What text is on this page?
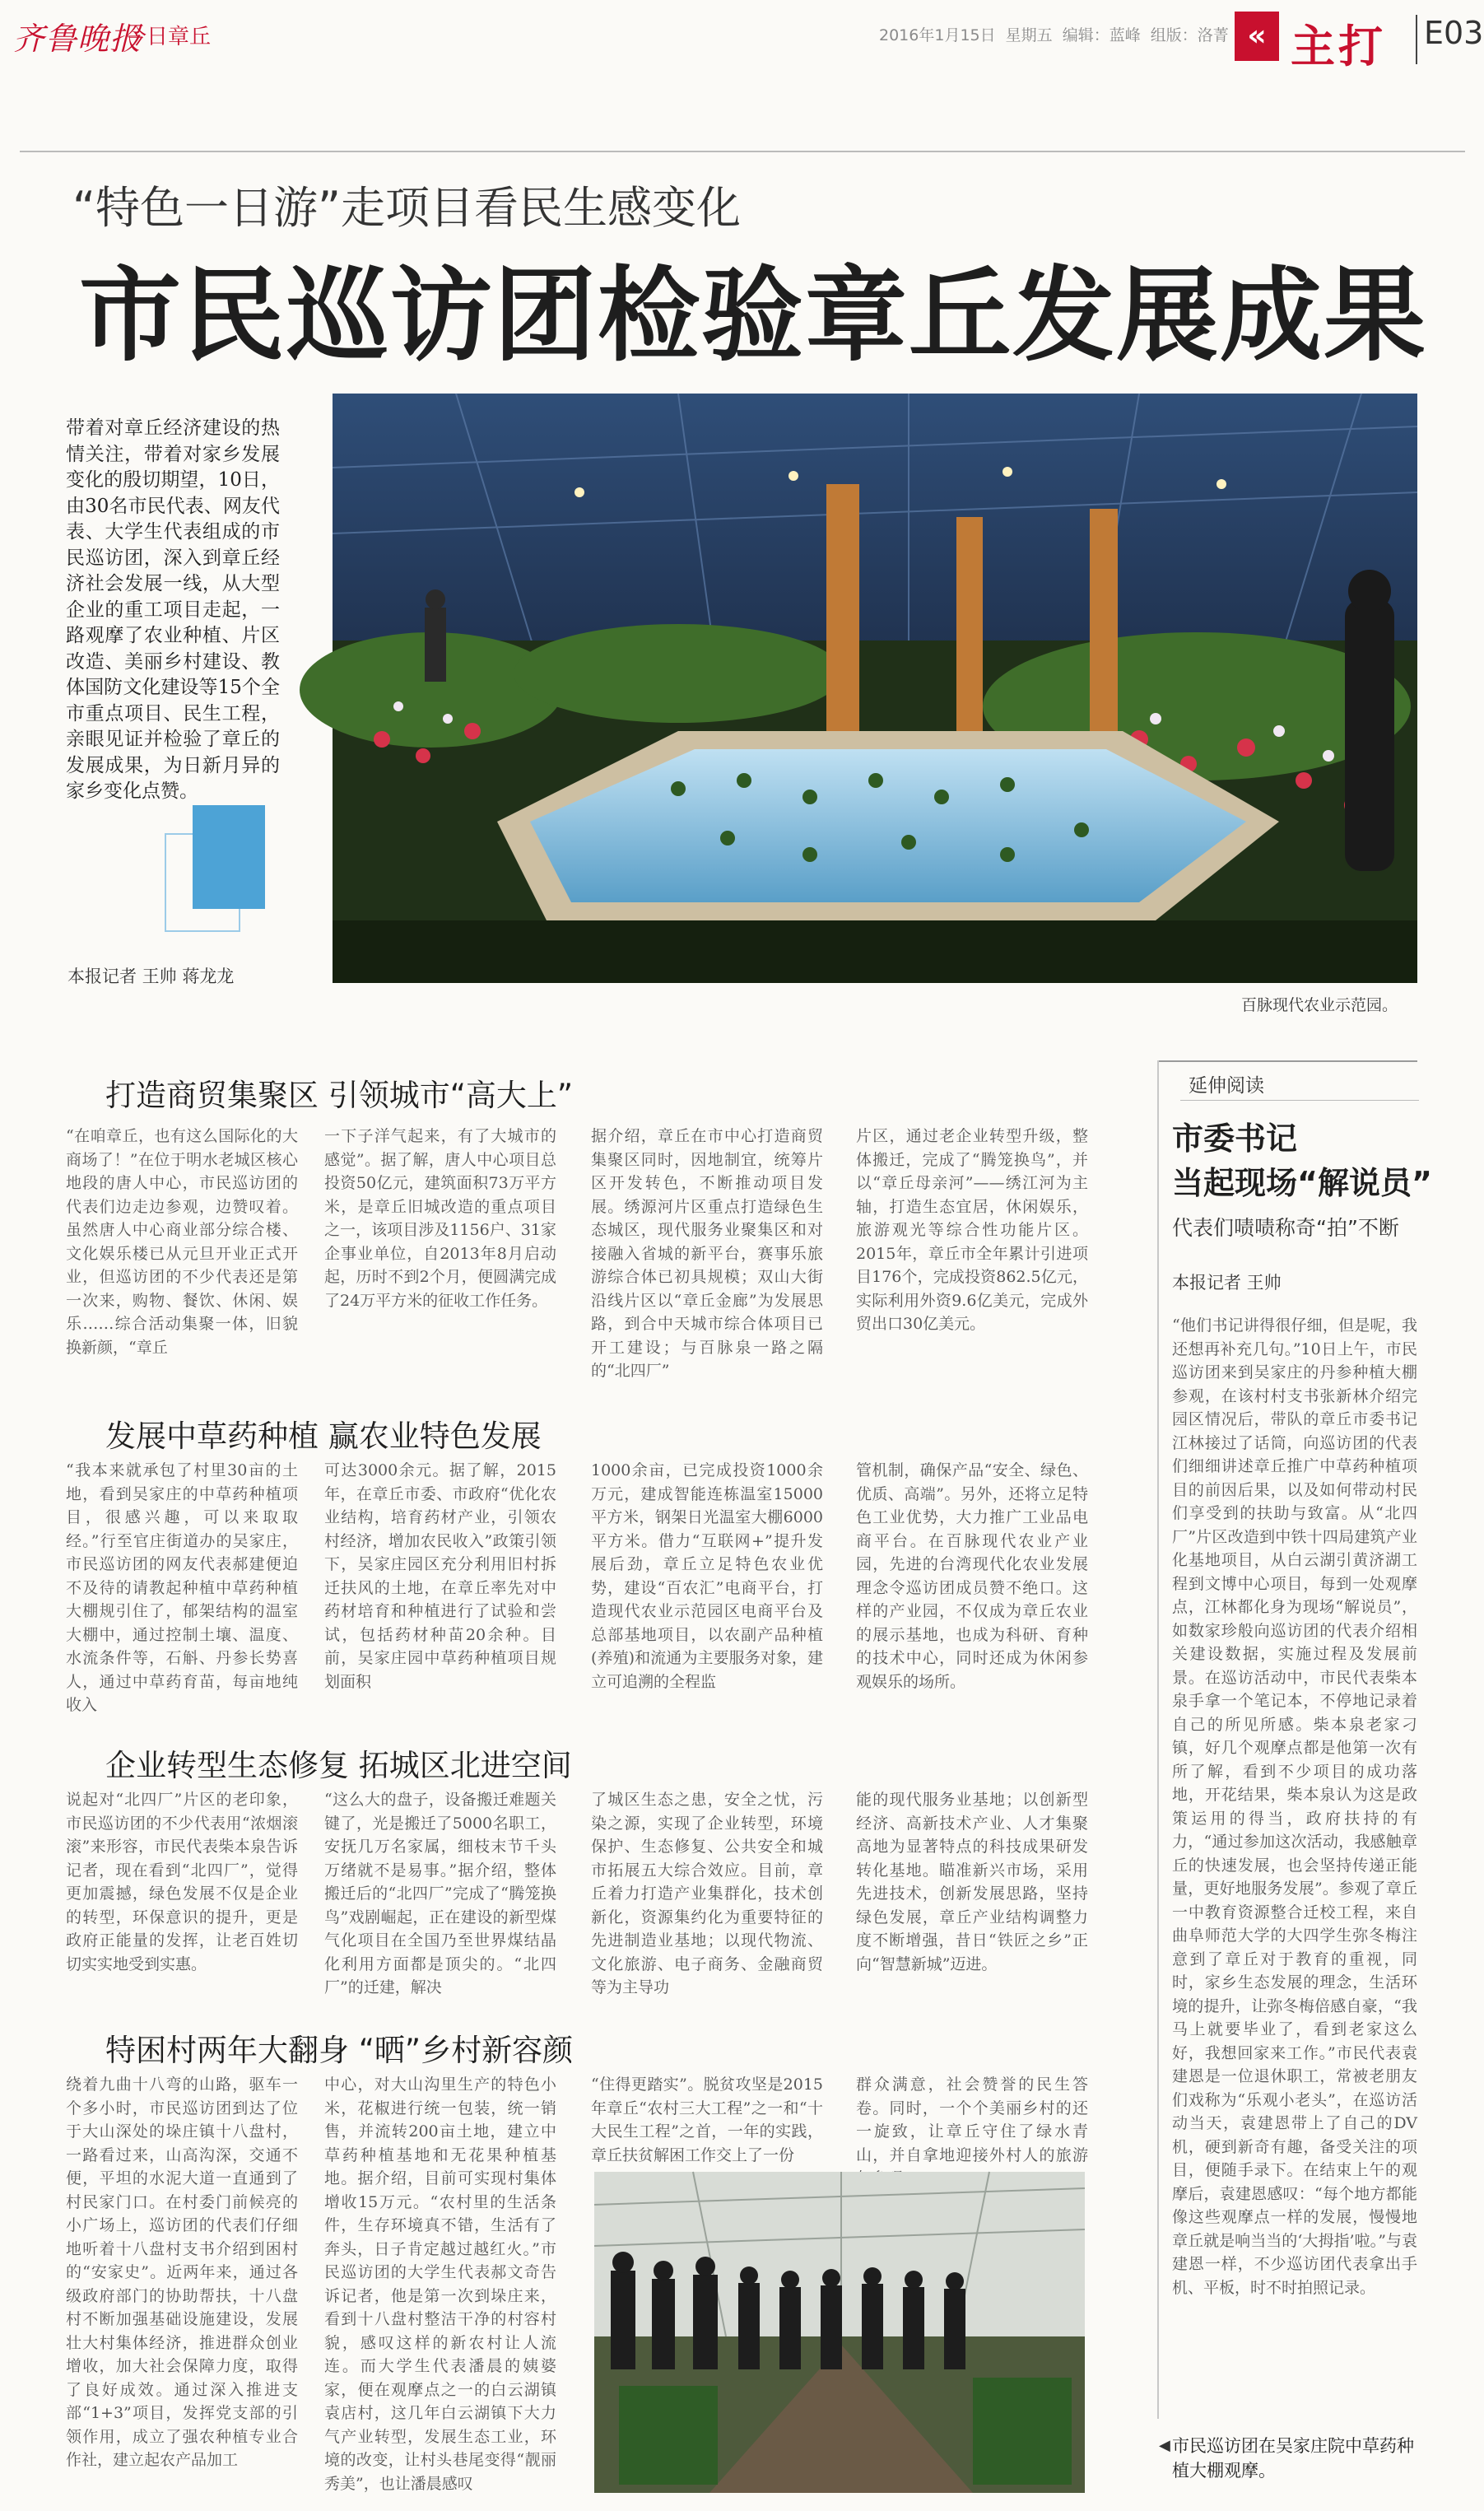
齐鲁晚报
今日章丘	2016年1月15日 星期五 编辑：蓝峰 组版：洛菁 « 主打 E03
“特色一日游”走项目看民生感变化
市民巡访团检验章丘发展成果
带着对章丘经济建设的热情关注，带着对家乡发展变化的殷切期望，10日，由30名市民代表、网友代表、大学生代表组成的市民巡访团，深入到章丘经济社会发展一线，从大型企业的重工项目走起，一路观摩了农业种植、片区改造、美丽乡村建设、教体国防文化建设等15个全市重点项目、民生工程，亲眼见证并检验了章丘的发展成果，为日新月异的家乡变化点赞。
本报记者 王帅 蒋龙龙
百脉现代农业示范园。
打造商贸集聚区 引领城市“高大上”
“在咱章丘，也有这么国际化的大商场了！”在位于明水老城区核心地段的唐人中心，市民巡访团的代表们边走边参观，边赞叹着。虽然唐人中心商业部分综合楼、文化娱乐楼已从元旦开业正式开业，但巡访团的不少代表还是第一次来，购物、餐饮、休闲、娱乐……综合活动集聚一体，旧貌换新颜，“章丘
一下子洋气起来，有了大城市的感觉”。据了解，唐人中心项目总投资50亿元，建筑面积73万平方米，是章丘旧城改造的重点项目之一，该项目涉及1156户、31家企事业单位，自2013年8月启动起，历时不到2个月，便圆满完成了24万平方米的征收工作任务。
据介绍，章丘在市中心打造商贸集聚区同时，因地制宜，统筹片区开发转色，不断推动项目发展。绣源河片区重点打造绿色生态城区，现代服务业聚集区和对接融入省城的新平台，赛事乐旅游综合体已初具规模；双山大街沿线片区以“章丘金廊”为发展思路，到合中天城市综合体项目已开工建设；与百脉泉一路之隔的“北四厂”
片区，通过老企业转型升级，整体搬迁，完成了“腾笼换鸟”，并以“章丘母亲河”——绣江河为主轴，打造生态宜居，休闲娱乐，旅游观光等综合性功能片区。2015年，章丘市全年累计引进项目176个，完成投资862.5亿元，实际利用外资9.6亿美元，完成外贸出口30亿美元。
发展中草药种植 赢农业特色发展
“我本来就承包了村里30亩的土地，看到吴家庄的中草药种植项目，很感兴趣，可以来取取经。”行至官庄街道办的吴家庄，市民巡访团的网友代表郝建便迫不及待的请教起种植中草药种植大棚规引住了，郁架结构的温室大棚中，通过控制土壤、温度、水流条件等，石斛、丹参长势喜人，通过中草药育苗，每亩地纯收入
可达3000余元。据了解，2015年，在章丘市委、市政府“优化农业结构，培育药材产业，引领农村经济，增加农民收入”政策引领下，吴家庄园区充分利用旧村拆迁扶风的土地，在章丘率先对中药材培育和种植进行了试验和尝试，包括药材种苗20余种。目前，吴家庄园中草药种植项目规划面积
1000余亩，已完成投资1000余万元，建成智能连栋温室15000平方米，钢架日光温室大棚6000平方米。借力“互联网+”提升发展后劲，章丘立足特色农业优势，建设“百农汇”电商平台，打造现代农业示范园区电商平台及总部基地项目，以农副产品种植(养殖)和流通为主要服务对象，建立可追溯的全程监
管机制，确保产品“安全、绿色、优质、高端”。另外，还将立足特色工业优势，大力推广工业品电商平台。在百脉现代农业产业园，先进的台湾现代化农业发展理念令巡访团成员赞不绝口。这样的产业园，不仅成为章丘农业的展示基地，也成为科研、育种的技术中心，同时还成为休闲参观娱乐的场所。
企业转型生态修复 拓城区北进空间
说起对“北四厂”片区的老印象，市民巡访团的不少代表用“浓烟滚滚”来形容，市民代表柴本泉告诉记者，现在看到“北四厂”，觉得更加震撼，绿色发展不仅是企业的转型，环保意识的提升，更是政府正能量的发挥，让老百姓切切实实地受到实惠。
“这么大的盘子，设备搬迁难题关键了，光是搬迁了5000名职工，安抚几万名家属，细枝末节千头万绪就不是易事。”据介绍，整体搬迁后的“北四厂”完成了“腾笼换鸟”戏剧崛起，正在建设的新型煤气化项目在全国乃至世界煤结晶化利用方面都是顶尖的。“北四厂”的迁建，解决
了城区生态之患，安全之忧，污染之源，实现了企业转型，环境保护、生态修复、公共安全和城市拓展五大综合效应。目前，章丘着力打造产业集群化，技术创新化，资源集约化为重要特征的先进制造业基地；以现代物流、文化旅游、电子商务、金融商贸等为主导功
能的现代服务业基地；以创新型经济、高新技术产业、人才集聚高地为显著特点的科技成果研发转化基地。瞄准新兴市场，采用先进技术，创新发展思路，坚持绿色发展，章丘产业结构调整力度不断增强，昔日“铁匠之乡”正向“智慧新城”迈进。
特困村两年大翻身 “晒”乡村新容颜
绕着九曲十八弯的山路，驱车一个多小时，市民巡访团到达了位于大山深处的垛庄镇十八盘村，一路看过来，山高沟深，交通不便，平坦的水泥大道一直通到了村民家门口。在村委门前候亮的小广场上，巡访团的代表们仔细地听着十八盘村支书介绍到困村的“安家史”。近两年来，通过各级政府部门的协助帮扶，十八盘村不断加强基础设施建设，发展壮大村集体经济，推进群众创业增收，加大社会保障力度，取得了良好成效。通过深入推进支部“1+3”项目，发挥党支部的引领作用，成立了强农种植专业合作社，建立起农产品加工
中心，对大山沟里生产的特色小米，花椒进行统一包装，统一销售，并流转200亩土地，建立中草药种植基地和无花果种植基地。据介绍，目前可实现村集体增收15万元。“农村里的生活条件，生存环境真不错，生活有了奔头，日子肯定越过越红火。”市民巡访团的大学生代表郝文奇告诉记者，他是第一次到垛庄来，看到十八盘村整洁干净的村容村貌，感叹这样的新农村让人流连。而大学生代表潘晨的姨婆家，便在观摩点之一的白云湖镇袁店村，这几年白云湖镇下大力气产业转型，发展生态工业，环境的改变，让村头巷尾变得“靓丽秀美”，也让潘晨感叹
“住得更踏实”。脱贫攻坚是2015年章丘“农村三大工程”之一和“十大民生工程”之首，一年的实践，章丘扶贫解困工作交上了一份
群众满意，社会赞誉的民生答卷。同时，一个个美丽乡村的还一旋致，让章丘守住了绿水青山，并自拿地迎接外村人的旅游
延伸阅读
市委书记
当起现场“解说员”
代表们啧啧称奇“拍”不断
本报记者 王帅
“他们书记讲得很仔细，但是呢，我还想再补充几句。”10日上午，市民巡访团来到吴家庄的丹参种植大棚参观，在该村村支书张新林介绍完园区情况后，带队的章丘市委书记江林接过了话筒，向巡访团的代表们细细讲述章丘推广中草药种植项目的前因后果，以及如何带动村民们享受到的扶助与致富。从“北四厂”片区改造到中铁十四局建筑产业化基地项目，从白云湖引黄济湖工程到文博中心项目，每到一处观摩点，江林都化身为现场“解说员”，如数家珍般向巡访团的代表介绍相关建设数据，实施过程及发展前景。在巡访活动中，市民代表柴本泉手拿一个笔记本，不停地记录着自己的所见所感。柴本泉老家刁镇，好几个观摩点都是他第一次有所了解，看到不少项目的成功落地，开花结果，柴本泉认为这是政策运用的得当，政府扶持的有力，“通过参加这次活动，我感触章丘的快速发展，也会坚持传递正能量，更好地服务发展”。参观了章丘一中教育资源整合迁校工程，来自曲阜师范大学的大四学生弥冬梅注意到了章丘对于教育的重视，同时，家乡生态发展的理念，生活环境的提升，让弥冬梅倍感自豪，“我马上就要毕业了，看到老家这么好，我想回家来工作。”市民代表袁建恩是一位退休职工，常被老朋友们戏称为“乐观小老头”，在巡访活动当天，袁建恩带上了自己的DV机，硬到新奇有趣，备受关注的项目，便随手录下。在结束上午的观摩后，袁建恩感叹：“每个地方都能像这些观摩点一样的发展，慢慢地章丘就是响当当的‘大拇指’啦。”与袁建恩一样，不少巡访团代表拿出手机、平板，时不时拍照记录。
◀ 市民巡访团在吴家庄院中草药种植大棚观摩。
